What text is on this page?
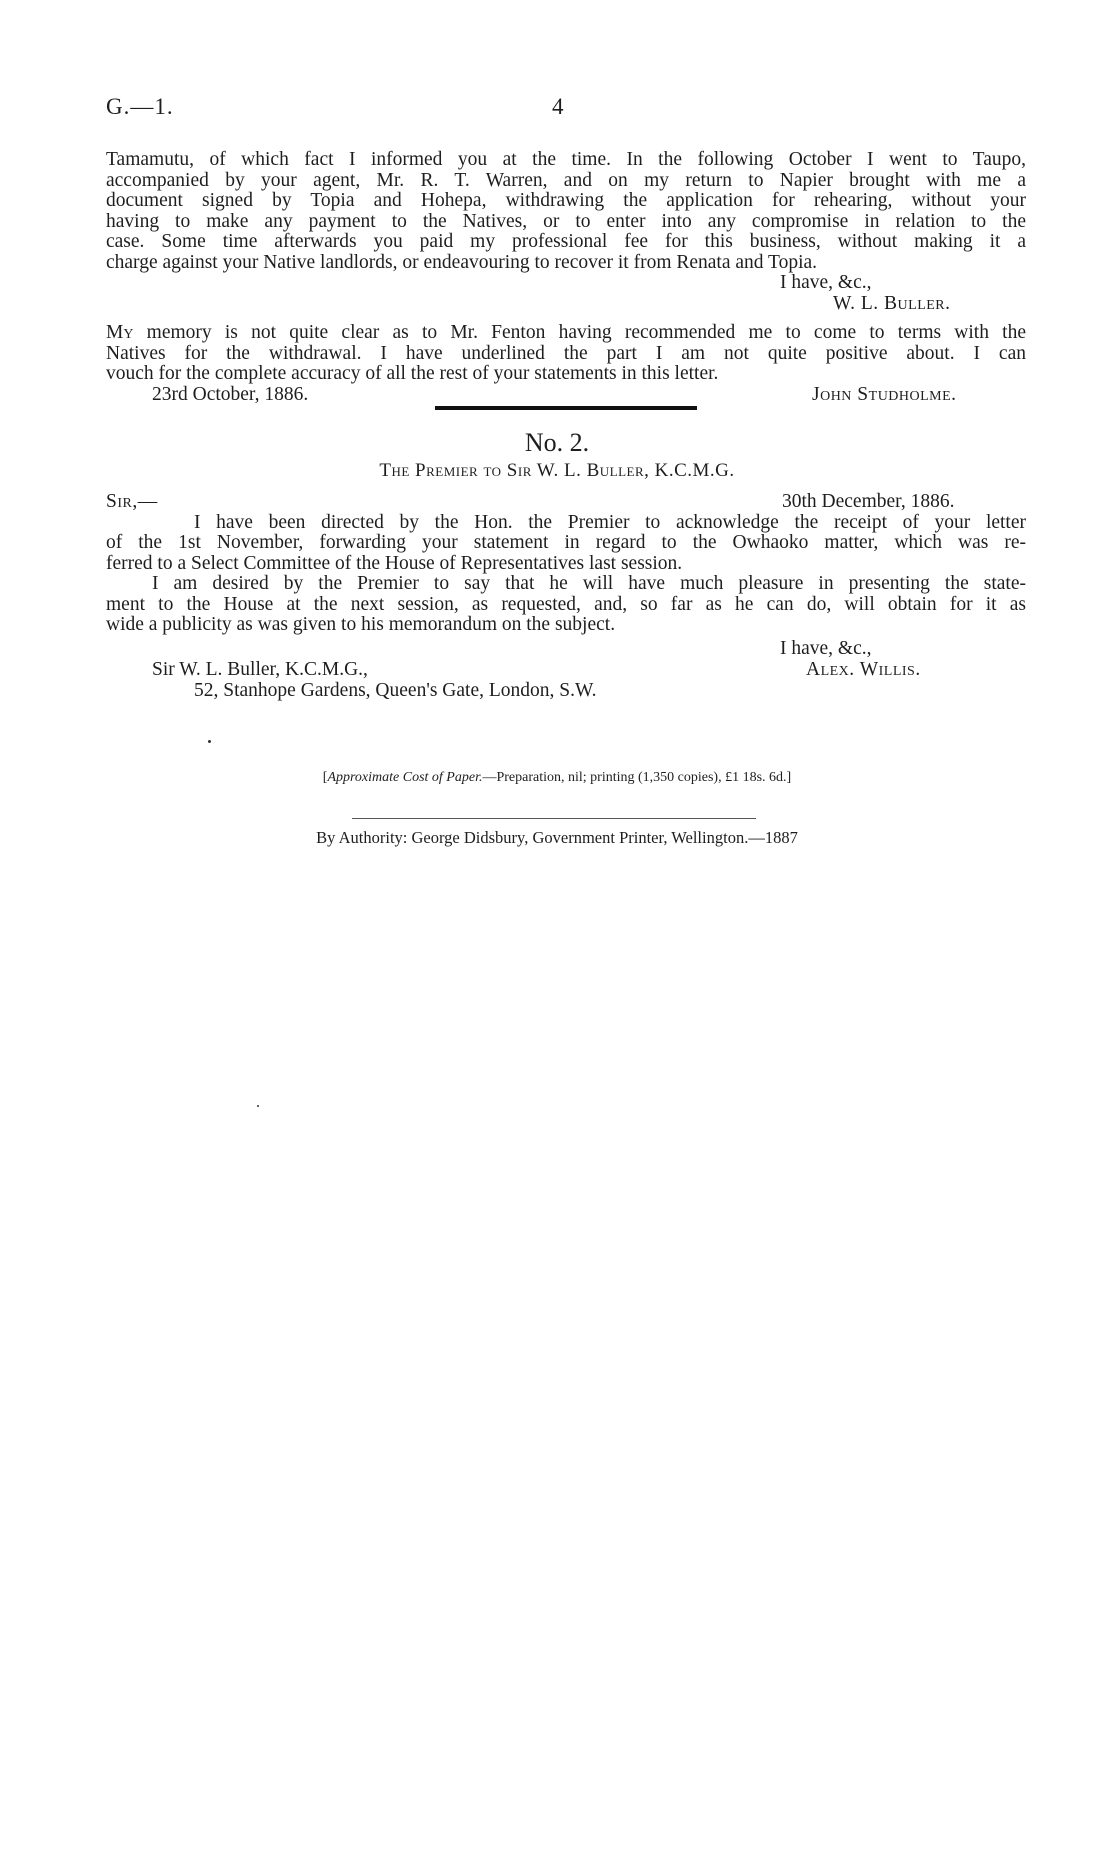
G.—1.	4
Tamamutu, of which fact I informed you at the time. In the following October I went to Taupo,
accompanied by your agent, Mr. R. T. Warren, and on my return to Napier brought with me a
document signed by Topia and Hohepa, withdrawing the application for rehearing, without your
having to make any payment to the Natives, or to enter into any compromise in relation to the
case. Some time afterwards you paid my professional fee for this business, without making it a
charge against your Native landlords, or endeavouring to recover it from Renata and Topia.
I have, &c.,
W. L. Buller.
My memory is not quite clear as to Mr. Fenton having recommended me to come to terms with the
Natives for the withdrawal. I have underlined the part I am not quite positive about. I can
vouch for the complete accuracy of all the rest of your statements in this letter.
23rd October, 1886.	John Studholme.
No. 2.
The Premier to Sir W. L. Buller, K.C.M.G.
Sir,—	30th December, 1886.
I have been directed by the Hon. the Premier to acknowledge the receipt of your letter
of the 1st November, forwarding your statement in regard to the Owhaoko matter, which was re-
ferred to a Select Committee of the House of Representatives last session.
I am desired by the Premier to say that he will have much pleasure in presenting the state-
ment to the House at the next session, as requested, and, so far as he can do, will obtain for it as
wide a publicity as was given to his memorandum on the subject.
I have, &c.,
Sir W. L. Buller, K.C.M.G.,	Alex. Willis.
52, Stanhope Gardens, Queen's Gate, London, S.W.
[Approximate Cost of Paper.—Preparation, nil; printing (1,350 copies), £1 18s. 6d.]
By Authority: George Didsbury, Government Printer, Wellington.—1887
